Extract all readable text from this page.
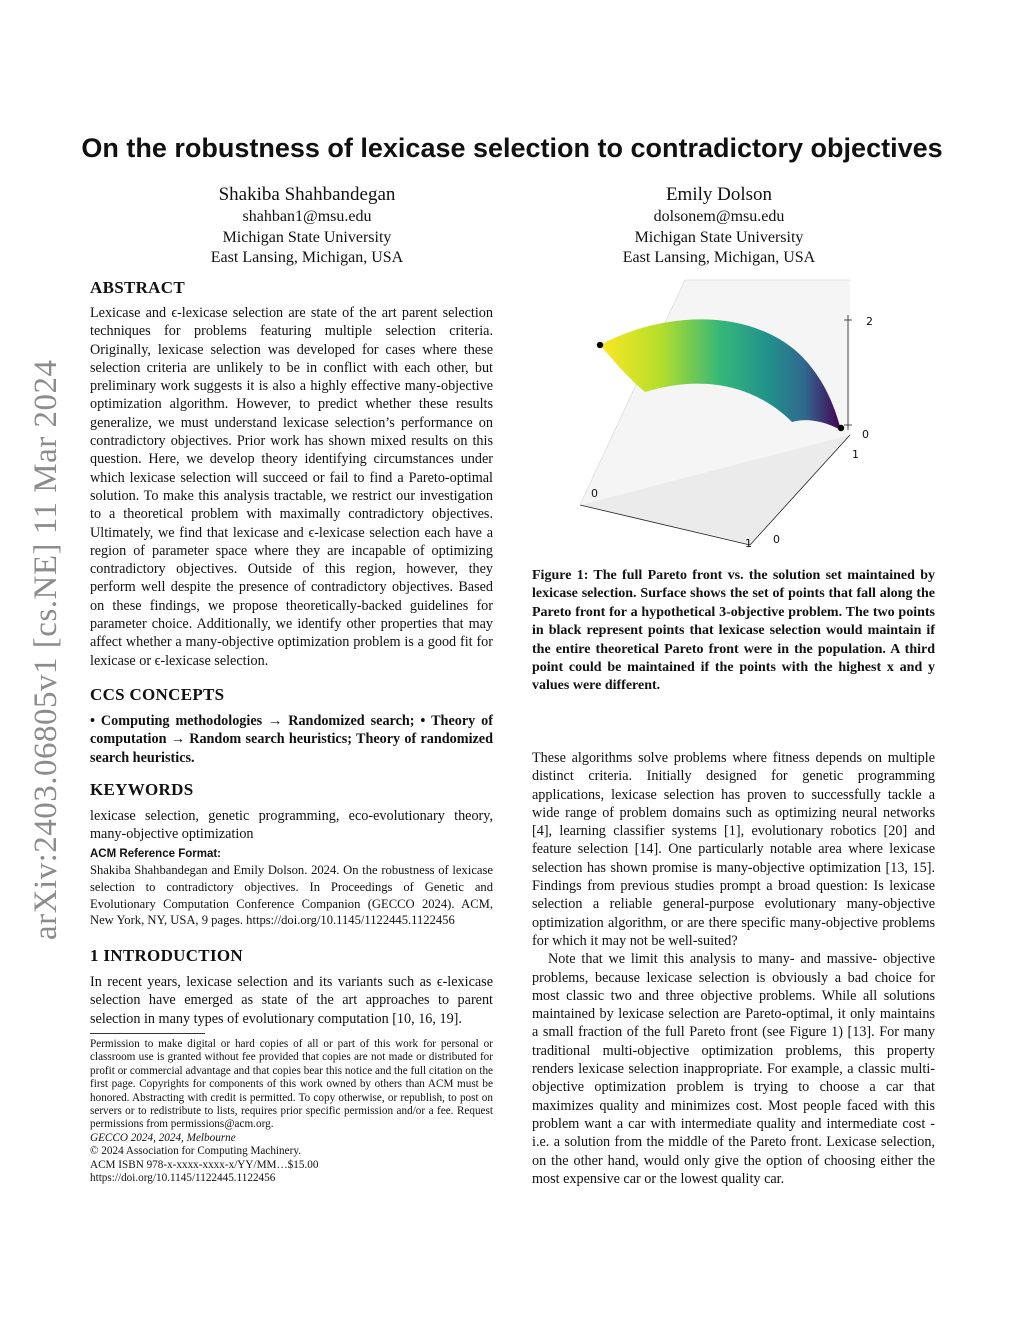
arXiv:2403.06805v1 [cs.NE] 11 Mar 2024
On the robustness of lexicase selection to contradictory objectives
Shakiba Shahbandegan
shahban1@msu.edu
Michigan State University
East Lansing, Michigan, USA
Emily Dolson
dolsonem@msu.edu
Michigan State University
East Lansing, Michigan, USA
ABSTRACT

Lexicase and ϵ-lexicase selection are state of the art parent selection techniques for problems featuring multiple selection criteria. Originally, lexicase selection was developed for cases where these selection criteria are unlikely to be in conflict with each other, but preliminary work suggests it is also a highly effective many-objective optimization algorithm. However, to predict whether these results generalize, we must understand lexicase selection’s performance on contradictory objectives. Prior work has shown mixed results on this question. Here, we develop theory identifying circumstances under which lexicase selection will succeed or fail to find a Pareto-optimal solution. To make this analysis tractable, we restrict our investigation to a theoretical problem with maximally contradictory objectives. Ultimately, we find that lexicase and ϵ-lexicase selection each have a region of parameter space where they are incapable of optimizing contradictory objectives. Outside of this region, however, they perform well despite the presence of contradictory objectives. Based on these findings, we propose theoretically-backed guidelines for parameter choice. Additionally, we identify other properties that may affect whether a many-objective optimization problem is a good fit for lexicase or ϵ-lexicase selection.

CCS CONCEPTS

• Computing methodologies → Randomized search; • Theory of computation → Random search heuristics; Theory of randomized search heuristics.

KEYWORDS

lexicase selection, genetic programming, eco-evolutionary theory, many-objective optimization

ACM Reference Format:

Shakiba Shahbandegan and Emily Dolson. 2024. On the robustness of lexicase selection to contradictory objectives. In Proceedings of Genetic and Evolutionary Computation Conference Companion (GECCO 2024). ACM, New York, NY, USA, 9 pages. https://doi.org/10.1145/1122445.1122456

1 INTRODUCTION

In recent years, lexicase selection and its variants such as ϵ-lexicase selection have emerged as state of the art approaches to parent selection in many types of evolutionary computation [10, 16, 19].

Permission to make digital or hard copies of all or part of this work for personal or classroom use is granted without fee provided that copies are not made or distributed for profit or commercial advantage and that copies bear this notice and the full citation on the first page. Copyrights for components of this work owned by others than ACM must be honored. Abstracting with credit is permitted. To copy otherwise, or republish, to post on servers or to redistribute to lists, requires prior specific permission and/or a fee. Request permissions from permissions@acm.org.

GECCO 2024, 2024, Melbourne

© 2024 Association for Computing Machinery.

ACM ISBN 978-x-xxxx-xxxx-x/YY/MM…$15.00

https://doi.org/10.1145/1122445.1122456

2
0
1
0
1 0
Figure 1: The full Pareto front vs. the solution set maintained by lexicase selection. Surface shows the set of points that fall along the Pareto front for a hypothetical 3-objective problem. The two points in black represent points that lexicase selection would maintain if the entire theoretical Pareto front were in the population. A third point could be maintained if the points with the highest x and y values were different.

These algorithms solve problems where fitness depends on multiple distinct criteria. Initially designed for genetic programming applications, lexicase selection has proven to successfully tackle a wide range of problem domains such as optimizing neural networks [4], learning classifier systems [1], evolutionary robotics [20] and feature selection [14]. One particularly notable area where lexicase selection has shown promise is many-objective optimization [13, 15]. Findings from previous studies prompt a broad question: Is lexicase selection a reliable general-purpose evolutionary many-objective optimization algorithm, or are there specific many-objective problems for which it may not be well-suited?

Note that we limit this analysis to many- and massive- objective problems, because lexicase selection is obviously a bad choice for most classic two and three objective problems. While all solutions maintained by lexicase selection are Pareto-optimal, it only maintains a small fraction of the full Pareto front (see Figure 1) [13]. For many traditional multi-objective optimization problems, this property renders lexicase selection inappropriate. For example, a classic multi-objective optimization problem is trying to choose a car that maximizes quality and minimizes cost. Most people faced with this problem want a car with intermediate quality and intermediate cost - i.e. a solution from the middle of the Pareto front. Lexicase selection, on the other hand, would only give the option of choosing either the most expensive car or the lowest quality car.
